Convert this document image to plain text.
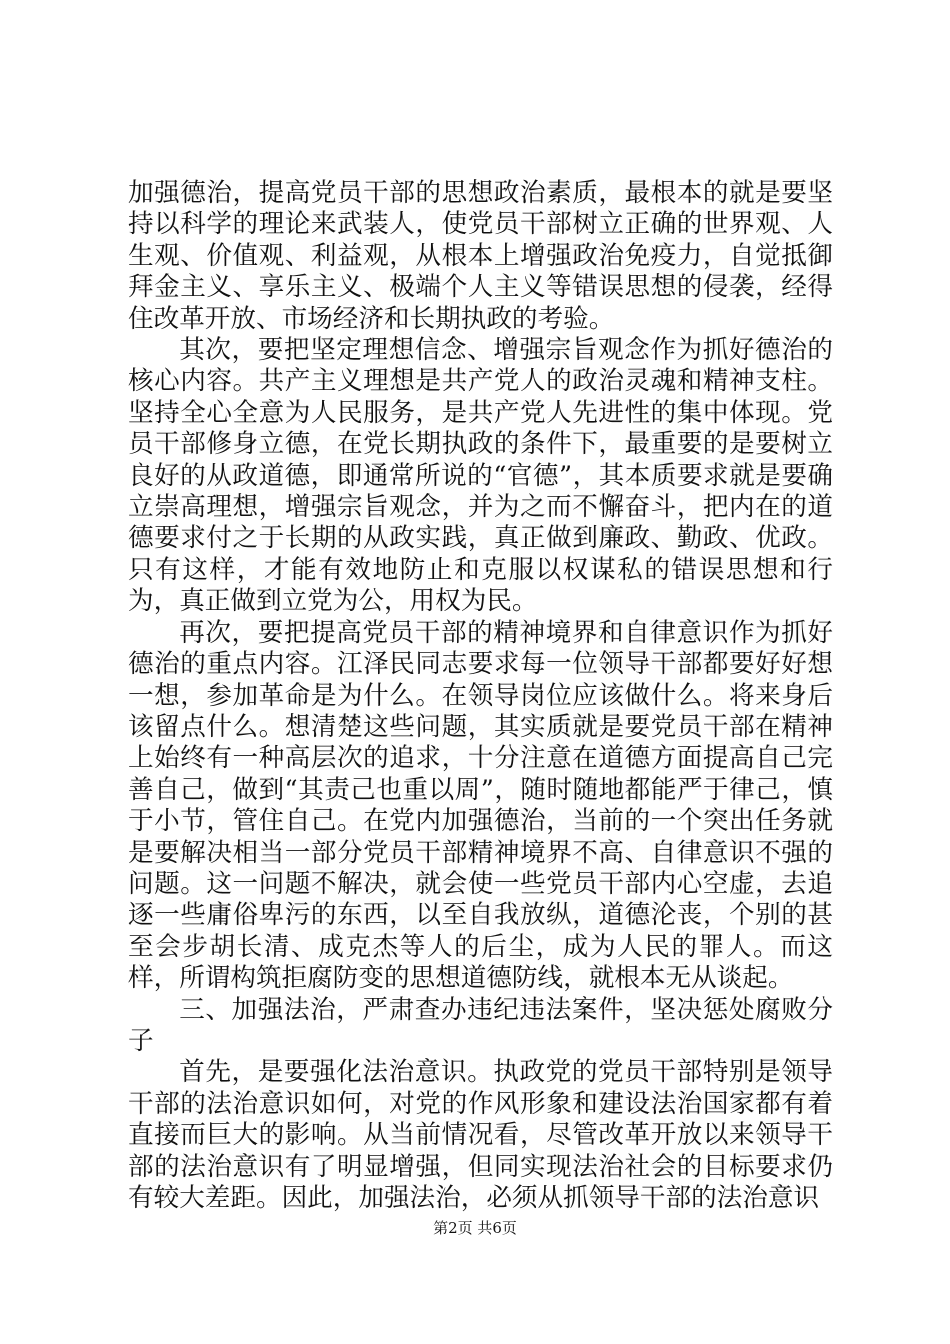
加强德治，提高党员干部的思想政治素质，最根本的就是要坚持以科学的理论来武装人，使党员干部树立正确的世界观、人生观、价值观、利益观，从根本上增强政治免疫力，自觉抵御拜金主义、享乐主义、极端个人主义等错误思想的侵袭，经得住改革开放、市场经济和长期执政的考验。

其次，要把坚定理想信念、增强宗旨观念作为抓好德治的核心内容。共产主义理想是共产党人的政治灵魂和精神支柱。坚持全心全意为人民服务，是共产党人先进性的集中体现。党员干部修身立德，在党长期执政的条件下，最重要的是要树立良好的从政道德，即通常所说的“官德”，其本质要求就是要确立崇高理想，增强宗旨观念，并为之而不懈奋斗，把内在的道德要求付之于长期的从政实践，真正做到廉政、勤政、优政。只有这样，才能有效地防止和克服以权谋私的错误思想和行为，真正做到立党为公，用权为民。

再次，要把提高党员干部的精神境界和自律意识作为抓好德治的重点内容。江泽民同志要求每一位领导干部都要好好想一想，参加革命是为什么。在领导岗位应该做什么。将来身后该留点什么。想清楚这些问题，其实质就是要党员干部在精神上始终有一种高层次的追求，十分注意在道德方面提高自己完善自己，做到“其责己也重以周”，随时随地都能严于律己，慎于小节，管住自己。在党内加强德治，当前的一个突出任务就是要解决相当一部分党员干部精神境界不高、自律意识不强的问题。这一问题不解决，就会使一些党员干部内心空虚，去追逐一些庸俗卑污的东西，以至自我放纵，道德沦丧，个别的甚至会步胡长清、成克杰等人的后尘，成为人民的罪人。而这样，所谓构筑拒腐防变的思想道德防线，就根本无从谈起。

三、加强法治，严肃查办违纪违法案件，坚决惩处腐败分子

首先，是要强化法治意识。执政党的党员干部特别是领导干部的法治意识如何，对党的作风形象和建设法治国家都有着直接而巨大的影响。从当前情况看，尽管改革开放以来领导干部的法治意识有了明显增强，但同实现法治社会的目标要求仍有较大差距。因此，加强法治，必须从抓领导干部的法治意识

第2页 共6页
